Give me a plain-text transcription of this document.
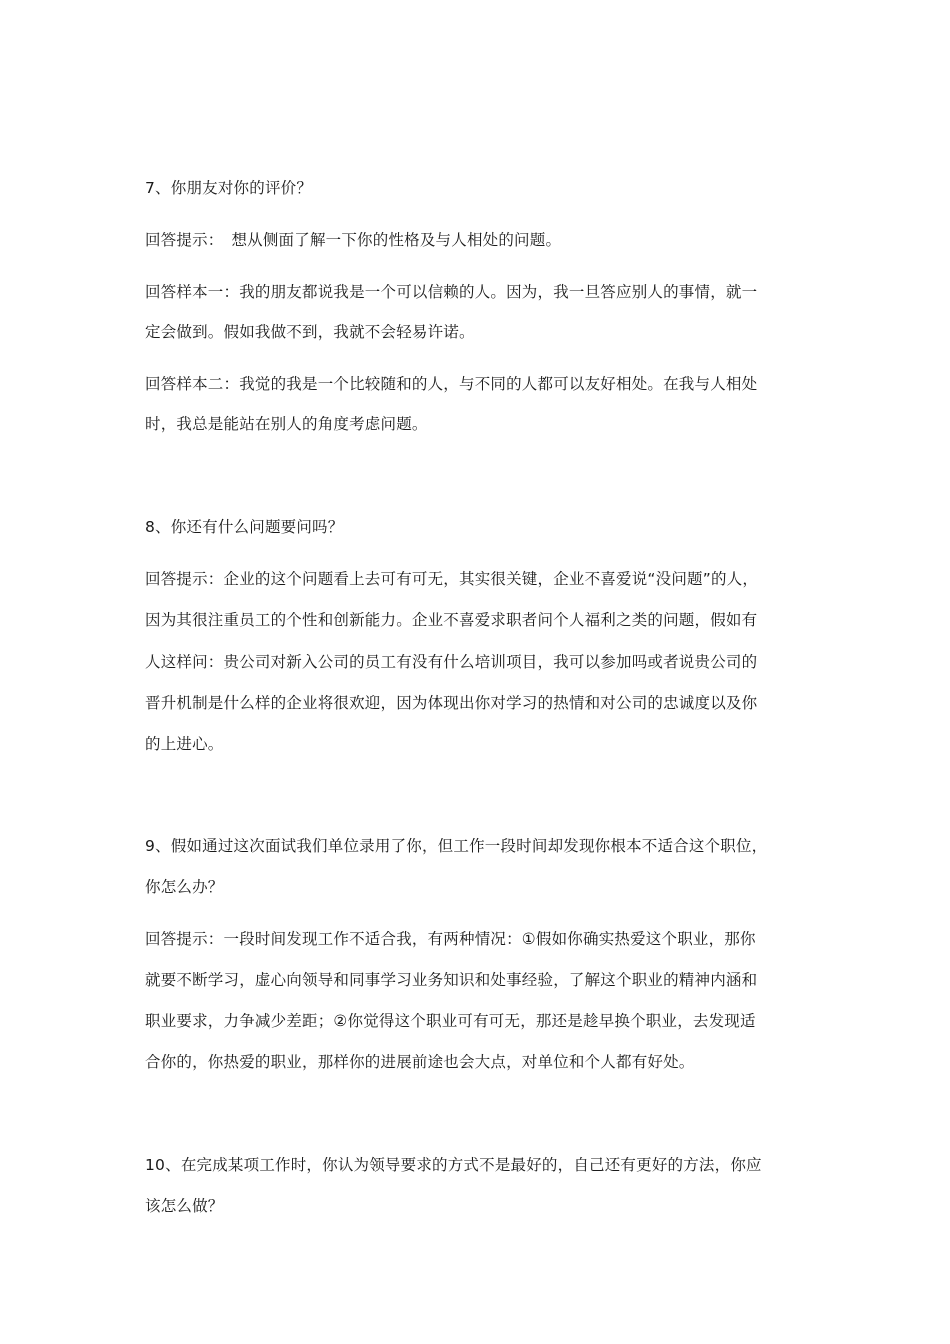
7、你朋友对你的评价？
回答提示：　想从侧面了解一下你的性格及与人相处的问题。
回答样本一：我的朋友都说我是一个可以信赖的人。因为，我一旦答应别人的事情，就一
定会做到。假如我做不到，我就不会轻易许诺。
回答样本二：我觉的我是一个比较随和的人，与不同的人都可以友好相处。在我与人相处
时，我总是能站在别人的角度考虑问题。
8、你还有什么问题要问吗？
回答提示：企业的这个问题看上去可有可无，其实很关键，企业不喜爱说“没问题”的人，
因为其很注重员工的个性和创新能力。企业不喜爱求职者问个人福利之类的问题，假如有
人这样问：贵公司对新入公司的员工有没有什么培训项目，我可以参加吗或者说贵公司的
晋升机制是什么样的企业将很欢迎，因为体现出你对学习的热情和对公司的忠诚度以及你
的上进心。
9、假如通过这次面试我们单位录用了你，但工作一段时间却发现你根本不适合这个职位，
你怎么办？
回答提示：一段时间发现工作不适合我，有两种情况：①假如你确实热爱这个职业，那你
就要不断学习，虚心向领导和同事学习业务知识和处事经验，了解这个职业的精神内涵和
职业要求，力争减少差距；②你觉得这个职业可有可无，那还是趁早换个职业，去发现适
合你的，你热爱的职业，那样你的进展前途也会大点，对单位和个人都有好处。
10、在完成某项工作时，你认为领导要求的方式不是最好的，自己还有更好的方法，你应
该怎么做？
